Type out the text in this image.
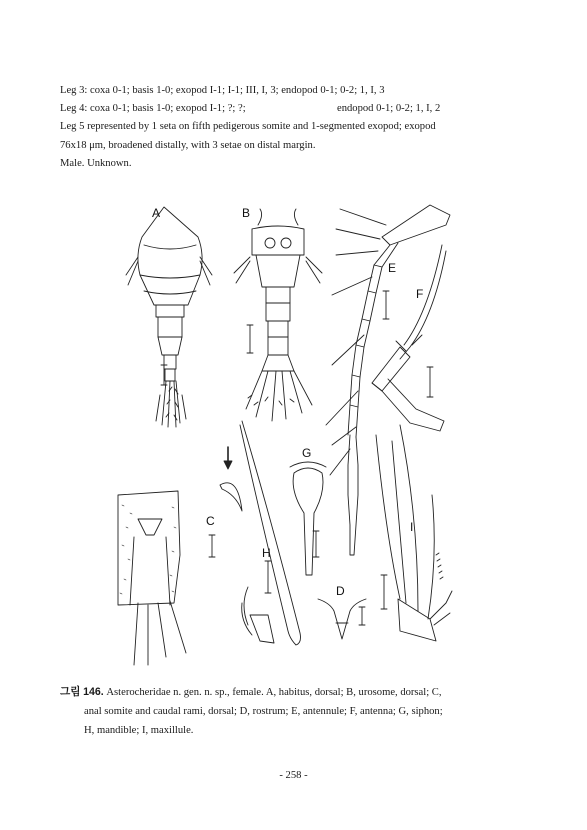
Leg 3: coxa 0-1; basis 1-0; exopod I-1; I-1; III, I, 3; endopod 0-1; 0-2; 1, I, 3
Leg 4: coxa 0-1; basis 1-0; exopod I-1; ?; ?;	endopod 0-1; 0-2; 1, I, 2
Leg 5 represented by 1 seta on fifth pedigerous somite and 1-segmented exopod; exopod
76x18 μm, broadened distally, with 3 setae on distal margin.
Male. Unknown.
A	B
C
D
E
F
G
H
I
그림 146. Asterocheridae n. gen. n. sp., female. A, habitus, dorsal; B, urosome, dorsal; C,
anal somite and caudal rami, dorsal; D, rostrum; E, antennule; F, antenna; G, siphon;
H, mandible; I, maxillule.
- 258 -
